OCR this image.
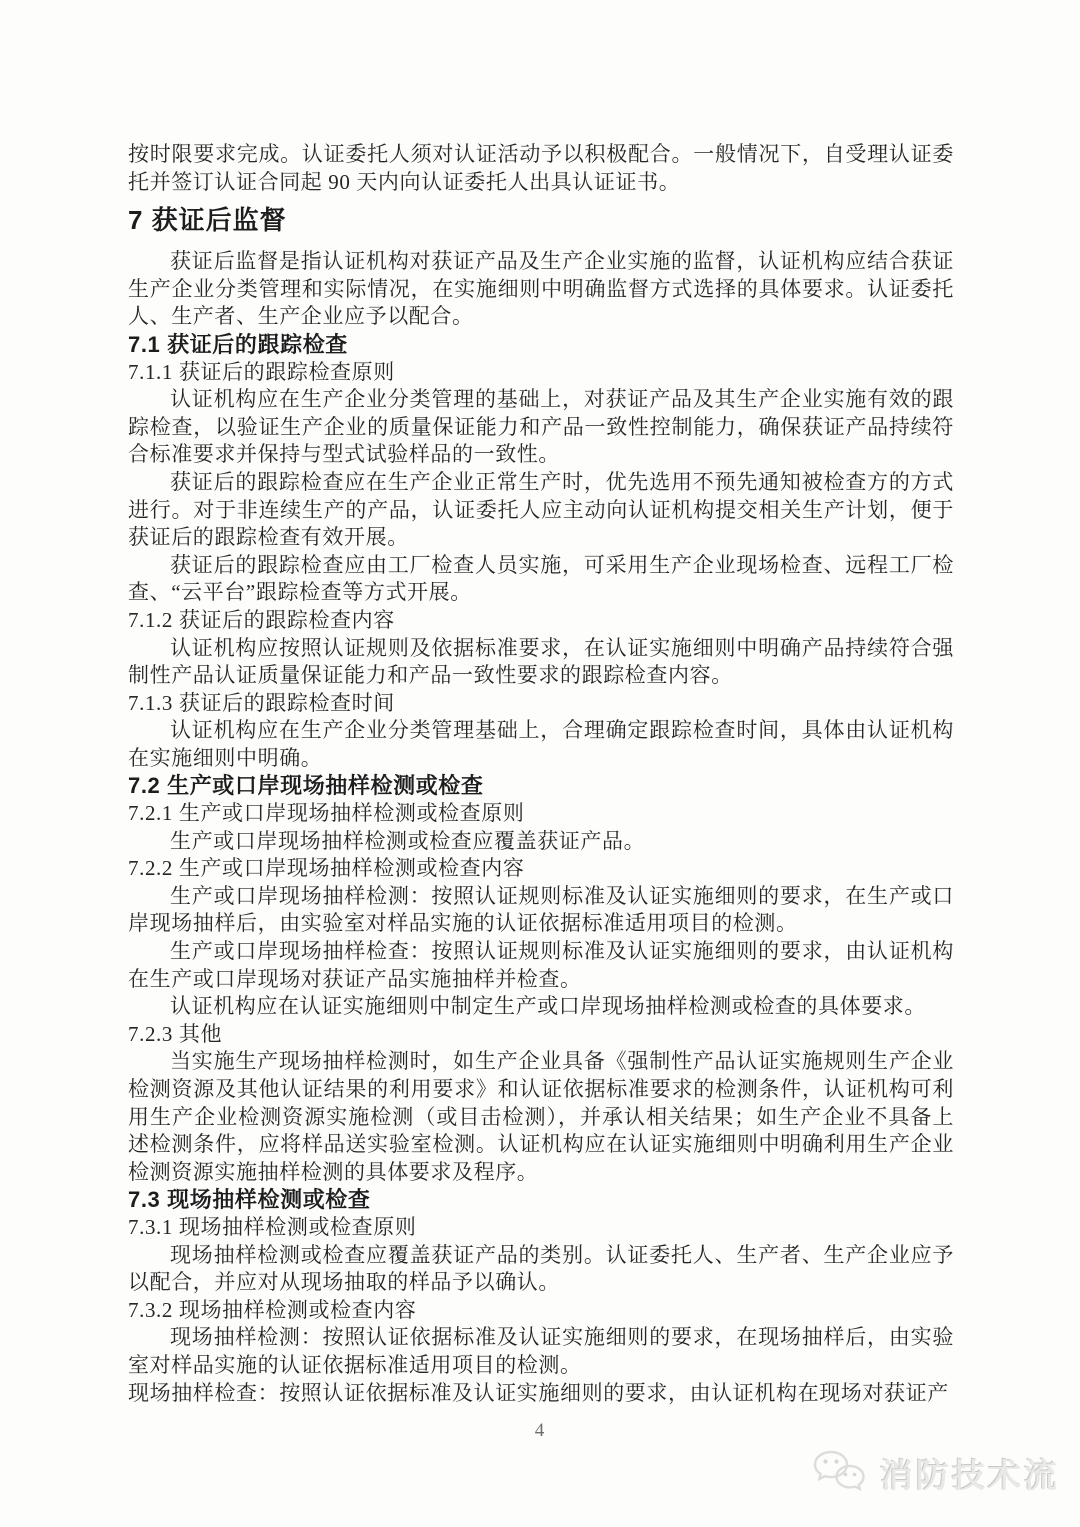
按时限要求完成。认证委托人须对认证活动予以积极配合。一般情况下，自受理认证委托并签订认证合同起 90 天内向认证委托人出具认证证书。

7 获证后监督

获证后监督是指认证机构对获证产品及生产企业实施的监督，认证机构应结合获证生产企业分类管理和实际情况，在实施细则中明确监督方式选择的具体要求。认证委托人、生产者、生产企业应予以配合。

7.1 获证后的跟踪检查

7.1.1 获证后的跟踪检查原则

认证机构应在生产企业分类管理的基础上，对获证产品及其生产企业实施有效的跟踪检查，以验证生产企业的质量保证能力和产品一致性控制能力，确保获证产品持续符合标准要求并保持与型式试验样品的一致性。

获证后的跟踪检查应在生产企业正常生产时，优先选用不预先通知被检查方的方式进行。对于非连续生产的产品，认证委托人应主动向认证机构提交相关生产计划，便于获证后的跟踪检查有效开展。

获证后的跟踪检查应由工厂检查人员实施，可采用生产企业现场检查、远程工厂检查、“云平台”跟踪检查等方式开展。

7.1.2 获证后的跟踪检查内容

认证机构应按照认证规则及依据标准要求，在认证实施细则中明确产品持续符合强制性产品认证质量保证能力和产品一致性要求的跟踪检查内容。

7.1.3 获证后的跟踪检查时间

认证机构应在生产企业分类管理基础上，合理确定跟踪检查时间，具体由认证机构在实施细则中明确。

7.2 生产或口岸现场抽样检测或检查

7.2.1 生产或口岸现场抽样检测或检查原则

生产或口岸现场抽样检测或检查应覆盖获证产品。

7.2.2 生产或口岸现场抽样检测或检查内容

生产或口岸现场抽样检测：按照认证规则标准及认证实施细则的要求，在生产或口岸现场抽样后，由实验室对样品实施的认证依据标准适用项目的检测。

生产或口岸现场抽样检查：按照认证规则标准及认证实施细则的要求，由认证机构在生产或口岸现场对获证产品实施抽样并检查。

认证机构应在认证实施细则中制定生产或口岸现场抽样检测或检查的具体要求。

7.2.3 其他

当实施生产现场抽样检测时，如生产企业具备《强制性产品认证实施规则生产企业检测资源及其他认证结果的利用要求》和认证依据标准要求的检测条件，认证机构可利用生产企业检测资源实施检测（或目击检测），并承认相关结果；如生产企业不具备上述检测条件，应将样品送实验室检测。认证机构应在认证实施细则中明确利用生产企业检测资源实施抽样检测的具体要求及程序。

7.3 现场抽样检测或检查

7.3.1 现场抽样检测或检查原则

现场抽样检测或检查应覆盖获证产品的类别。认证委托人、生产者、生产企业应予以配合，并应对从现场抽取的样品予以确认。

7.3.2 现场抽样检测或检查内容

现场抽样检测：按照认证依据标准及认证实施细则的要求，在现场抽样后，由实验室对样品实施的认证依据标准适用项目的检测。

现场抽样检查：按照认证依据标准及认证实施细则的要求，由认证机构在现场对获证产

4
消防技术流
